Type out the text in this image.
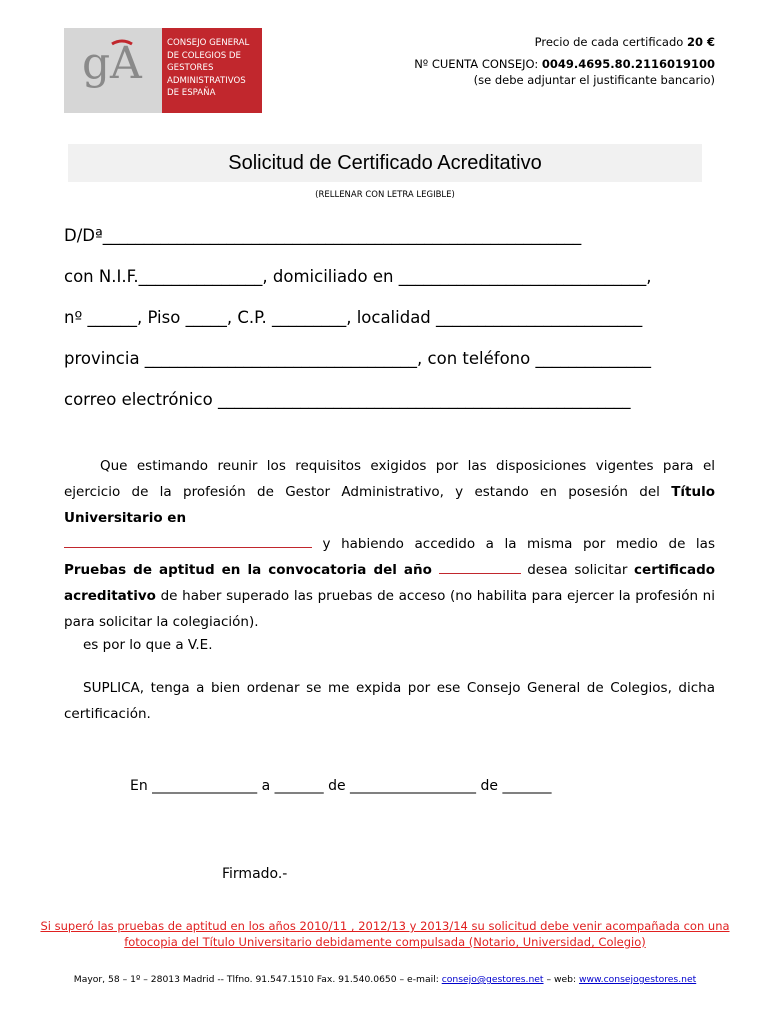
g A	CONSEJO GENERAL
DE COLEGIOS DE
GESTORES
ADMINISTRATIVOS
DE ESPAÑA
Precio de cada certificado 20 €
Nº CUENTA CONSEJO: 0049.4695.80.2116019100
(se debe adjuntar el justificante bancario)
Solicitud de Certificado Acreditativo
(RELLENAR CON LETRA LEGIBLE)
D/Dª__________________________________________________________
con N.I.F._______________, domiciliado en ______________________________,
nº ______, Piso _____, C.P. _________, localidad _________________________
provincia _________________________________, con teléfono ______________
correo electrónico __________________________________________________
Que estimando reunir los requisitos exigidos por las disposiciones vigentes para el ejercicio de la profesión de Gestor Administrativo, y estando en posesión del Título Universitario en
y habiendo accedido a la misma por medio de las Pruebas de aptitud en la convocatoria del año	desea solicitar certificado acreditativo de haber superado las pruebas de acceso (no habilita para ejercer la profesión ni para solicitar la colegiación).
es por lo que a V.E.
SUPLICA, tenga a bien ordenar se me expida por ese Consejo General de Colegios, dicha certificación.
En _______________ a _______ de __________________ de _______
Firmado.-
Si superó las pruebas de aptitud en los años 2010/11 , 2012/13 y 2013/14 su solicitud debe venir acompañada con una
fotocopia del Título Universitario debidamente compulsada (Notario, Universidad, Colegio)
Mayor, 58 – 1º – 28013 Madrid -- Tlfno. 91.547.1510 Fax. 91.540.0650 – e-mail: consejo@gestores.net – web: www.consejogestores.net
